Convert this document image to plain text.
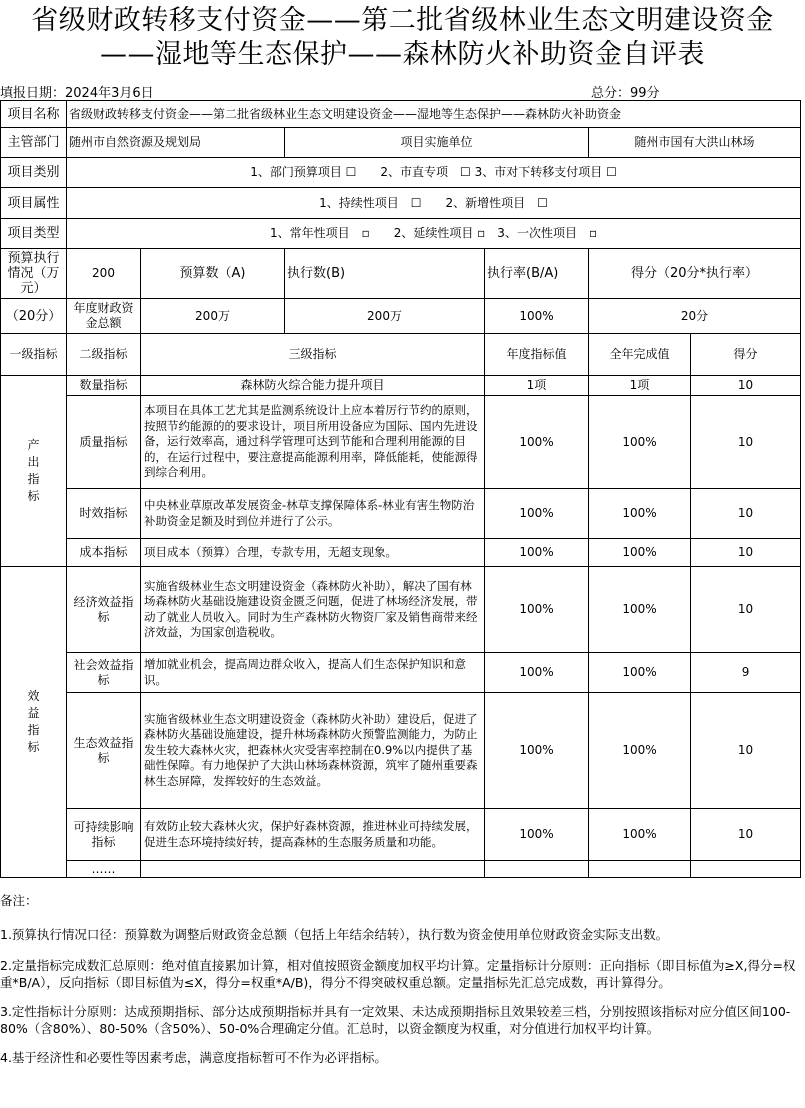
省级财政转移支付资金——第二批省级林业生态文明建设资金
——湿地等生态保护——森林防火补助资金自评表
填报日期：2024年3月6日	总分：99分
项目名称	省级财政转移支付资金——第二批省级林业生态文明建设资金——湿地等生态保护——森林防火补助资金					
主管部门	随州市自然资源及规划局		项目实施单位		随州市国有大洪山林场	
项目类别	1、部门预算项目 ☐　　2、市直专项　☐ 3、市对下转移支付项目 ☐					
项目属性	1、持续性项目　☐　　2、新增性项目　☐					
项目类型	1、常年性项目　▫　　2、延续性项目 ▫　3、一次性项目　▫					
预算执行情况（万元）	200	预算数（A)	执行数(B)	执行率(B/A)	得分（20分*执行率）	
（20分）	年度财政资金总额	200万	200万	100%	20分	
一级指标	二级指标	三级指标		年度指标值	全年完成值	得分
产出指标	数量指标	森林防火综合能力提升项目		1项	1项	10
	质量指标	本项目在具体工艺尤其是监测系统设计上应本着厉行节约的原则，按照节约能源的的要求设计，项目所用设备应为国际、国内先进设备，运行效率高，通过科学管理可达到节能和合理利用能源的目的，在运行过程中，要注意提高能源利用率，降低能耗，使能源得到综合利用。		100%	100%	10
	时效指标	中央林业草原改革发展资金-林草支撑保障体系-林业有害生物防治补助资金足额及时到位并进行了公示。		100%	100%	10
	成本指标	项目成本（预算）合理，专款专用，无超支现象。		100%	100%	10
效益指标	经济效益指标	实施省级林业生态文明建设资金（森林防火补助），解决了国有林场森林防火基础设施建设资金匮乏问题，促进了林场经济发展，带动了就业人员收入。同时为生产森林防火物资厂家及销售商带来经济效益，为国家创造税收。		100%	100%	10
	社会效益指标	增加就业机会，提高周边群众收入，提高人们生态保护知识和意识。		100%	100%	9
	生态效益指标	实施省级林业生态文明建设资金（森林防火补助）建设后，促进了森林防火基础设施建设，提升林场森林防火预警监测能力，为防止发生较大森林火灾，把森林火灾受害率控制在0.9%以内提供了基础性保障。有力地保护了大洪山林场森林资源，筑牢了随州重要森林生态屏障，发挥较好的生态效益。		100%	100%	10
	可持续影响指标	有效防止较大森林火灾，保护好森林资源，推进林业可持续发展，促进生态环境持续好转，提高森林的生态服务质量和功能。		100%	100%	10
	……					

备注：

1.预算执行情况口径：预算数为调整后财政资金总额（包括上年结余结转），执行数为资金使用单位财政资金实际支出数。

2.定量指标完成数汇总原则：绝对值直接累加计算，相对值按照资金额度加权平均计算。定量指标计分原则：正向指标（即目标值为≥X,得分=权重*B/A），反向指标（即目标值为≤X，得分=权重*A/B)，得分不得突破权重总额。定量指标先汇总完成数，再计算得分。

3.定性指标计分原则：达成预期指标、部分达成预期指标并具有一定效果、未达成预期指标且效果较差三档，分别按照该指标对应分值区间100-80%（含80%）、80-50%（含50%）、50-0%合理确定分值。汇总时，以资金额度为权重，对分值进行加权平均计算。

4.基于经济性和必要性等因素考虑，满意度指标暂可不作为必评指标。
